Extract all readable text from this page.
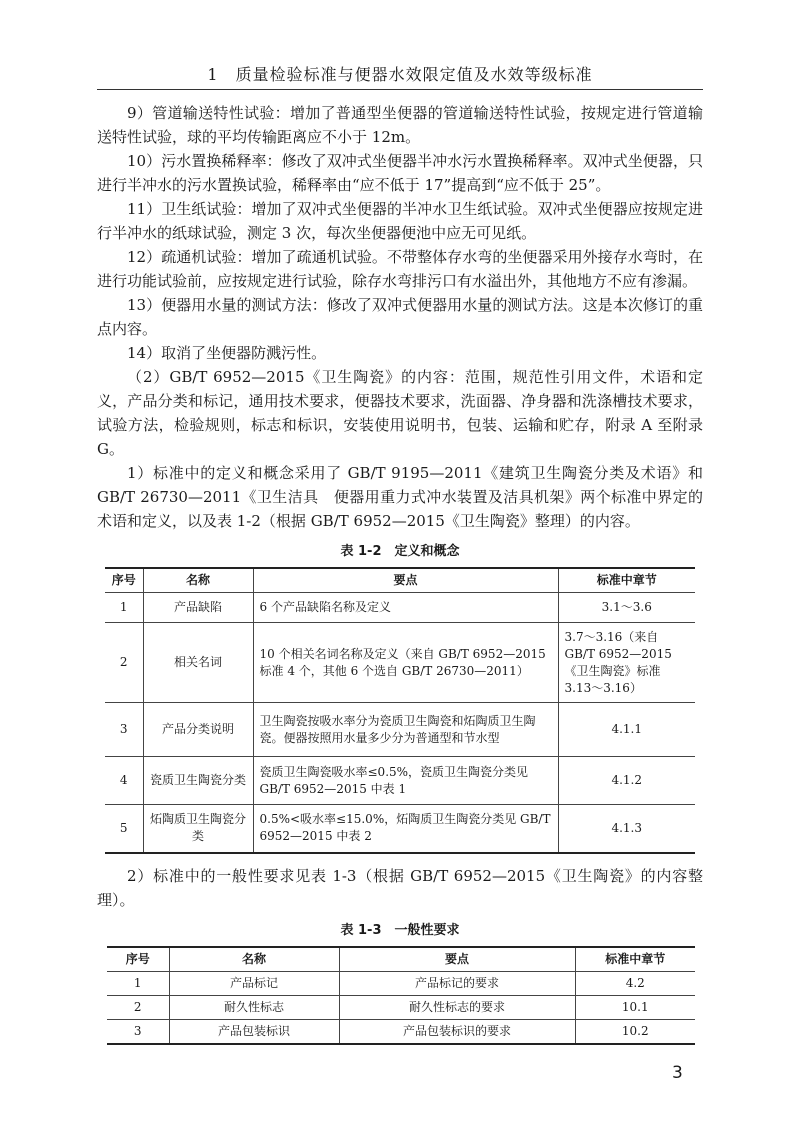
1　质量检验标准与便器水效限定值及水效等级标准

9）管道输送特性试验：增加了普通型坐便器的管道输送特性试验，按规定进行管道输送特性试验，球的平均传输距离应不小于 12m。

10）污水置换稀释率：修改了双冲式坐便器半冲水污水置换稀释率。双冲式坐便器，只进行半冲水的污水置换试验，稀释率由“应不低于 17”提高到“应不低于 25”。

11）卫生纸试验：增加了双冲式坐便器的半冲水卫生纸试验。双冲式坐便器应按规定进行半冲水的纸球试验，测定 3 次，每次坐便器便池中应无可见纸。

12）疏通机试验：增加了疏通机试验。不带整体存水弯的坐便器采用外接存水弯时，在进行功能试验前，应按规定进行试验，除存水弯排污口有水溢出外，其他地方不应有渗漏。

13）便器用水量的测试方法：修改了双冲式便器用水量的测试方法。这是本次修订的重点内容。

14）取消了坐便器防溅污性。

（2）GB/T 6952—2015《卫生陶瓷》的内容：范围，规范性引用文件，术语和定义，产品分类和标记，通用技术要求，便器技术要求，洗面器、净身器和洗涤槽技术要求，试验方法，检验规则，标志和标识，安装使用说明书，包装、运输和贮存，附录 A 至附录 G。

1）标准中的定义和概念采用了 GB/T 9195—2011《建筑卫生陶瓷分类及术语》和 GB/T 26730—2011《卫生洁具　便器用重力式冲水装置及洁具机架》两个标准中界定的术语和定义，以及表 1-2（根据 GB/T 6952—2015《卫生陶瓷》整理）的内容。

表 1-2　定义和概念
序号	名称	要点	标准中章节
1	产品缺陷	6 个产品缺陷名称及定义	3.1～3.6
2	相关名词	10 个相关名词名称及定义（来自 GB/T 6952—2015 标准 4 个，其他 6 个选自 GB/T 26730—2011）	3.7～3.16（来自 GB/T 6952—2015《卫生陶瓷》标准 3.13～3.16）
3	产品分类说明	卫生陶瓷按吸水率分为瓷质卫生陶瓷和炻陶质卫生陶瓷。便器按照用水量多少分为普通型和节水型	4.1.1
4	瓷质卫生陶瓷分类	瓷质卫生陶瓷吸水率≤0.5%，瓷质卫生陶瓷分类见 GB/T 6952—2015 中表 1	4.1.2
5	炻陶质卫生陶瓷分类	0.5%<吸水率≤15.0%，炻陶质卫生陶瓷分类见 GB/T 6952—2015 中表 2	4.1.3

2）标准中的一般性要求见表 1-3（根据 GB/T 6952—2015《卫生陶瓷》的内容整理）。

表 1-3　一般性要求
序号	名称	要点	标准中章节
1	产品标记	产品标记的要求	4.2
2	耐久性标志	耐久性标志的要求	10.1
3	产品包装标识	产品包装标识的要求	10.2
3
